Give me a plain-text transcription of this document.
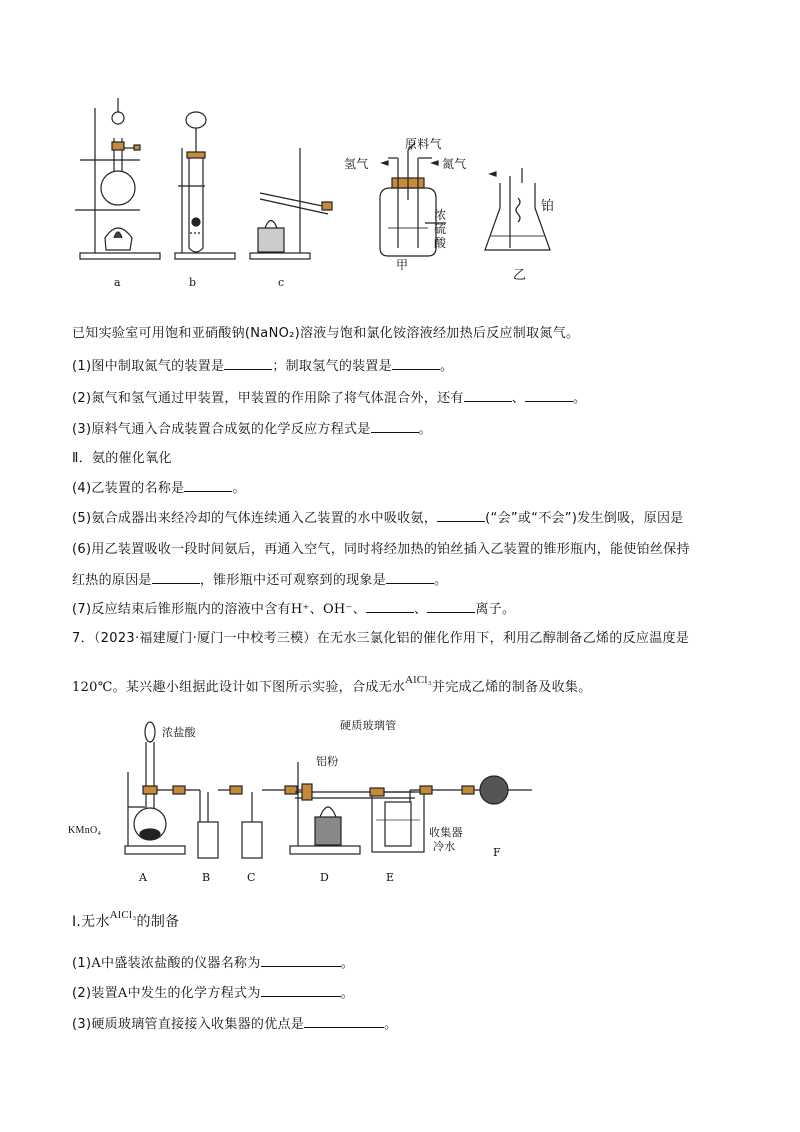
a	b	c
甲
乙
原料气
氢气	氮气
浓
硫
酸
铂
已知实验室可用饱和亚硝酸钠(NaNO₂)溶液与饱和氯化铵溶液经加热后反应制取氮气。
(1)图中制取氮气的装置是	；制取氢气的装置是	。
(2)氮气和氢气通过甲装置，甲装置的作用除了将气体混合外，还有	、	。
(3)原料气通入合成装置合成氨的化学反应方程式是	。
Ⅱ．氨的催化氧化
(4)乙装置的名称是	。
(5)氨合成器出来经冷却的气体连续通入乙装置的水中吸收氨，	(“会”或“不会”)发生倒吸，原因是
(6)用乙装置吸收一段时间氨后，再通入空气，同时将经加热的铂丝插入乙装置的锥形瓶内，能使铂丝保持
红热的原因是	，锥形瓶中还可观察到的现象是	。
(7)反应结束后锥形瓶内的溶液中含有H⁺、OH⁻、	、	离子。
7．（2023·福建厦门·厦门一中校考三模）在无水三氯化铝的催化作用下，利用乙醇制备乙烯的反应温度是
120℃。某兴趣小组据此设计如下图所示实验，合成无水$^{AlCl_3}$并完成乙烯的制备及收集。
浓盐酸
KMnO₄
铝粉
硬质玻璃管
收集器
冷水
A	B	C	D	E
F
Ⅰ.无水$^{AlCl_3}$的制备
(1)A中盛装浓盐酸的仪器名称为	。
(2)装置A中发生的化学方程式为	。
(3)硬质玻璃管直接接入收集器的优点是	。
